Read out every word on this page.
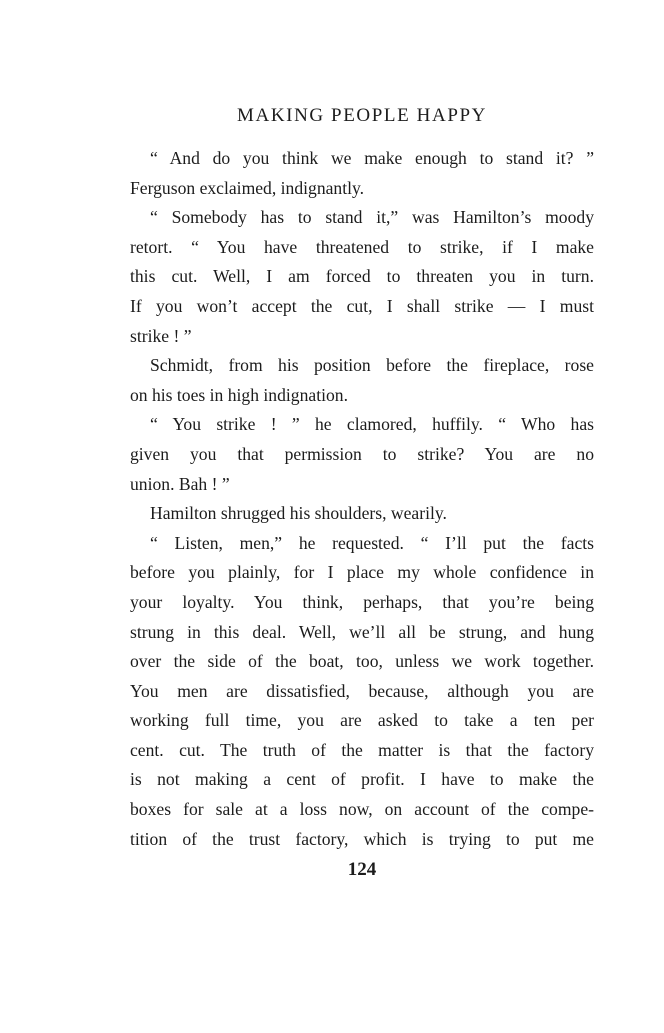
MAKING PEOPLE HAPPY
“ And do you think we make enough to stand it? ”
Ferguson exclaimed, indignantly.
“ Somebody has to stand it,” was Hamilton’s moody
retort. “ You have threatened to strike, if I make
this cut. Well, I am forced to threaten you in turn.
If you won’t accept the cut, I shall strike — I must
strike ! ”
Schmidt, from his position before the fireplace, rose
on his toes in high indignation.
“ You strike ! ” he clamored, huffily. “ Who has
given you that permission to strike? You are no
union. Bah ! ”
Hamilton shrugged his shoulders, wearily.
“ Listen, men,” he requested. “ I’ll put the facts
before you plainly, for I place my whole confidence in
your loyalty. You think, perhaps, that you’re being
strung in this deal. Well, we’ll all be strung, and hung
over the side of the boat, too, unless we work together.
You men are dissatisfied, because, although you are
working full time, you are asked to take a ten per
cent. cut. The truth of the matter is that the factory
is not making a cent of profit. I have to make the
boxes for sale at a loss now, on account of the compe-
tition of the trust factory, which is trying to put me
124
